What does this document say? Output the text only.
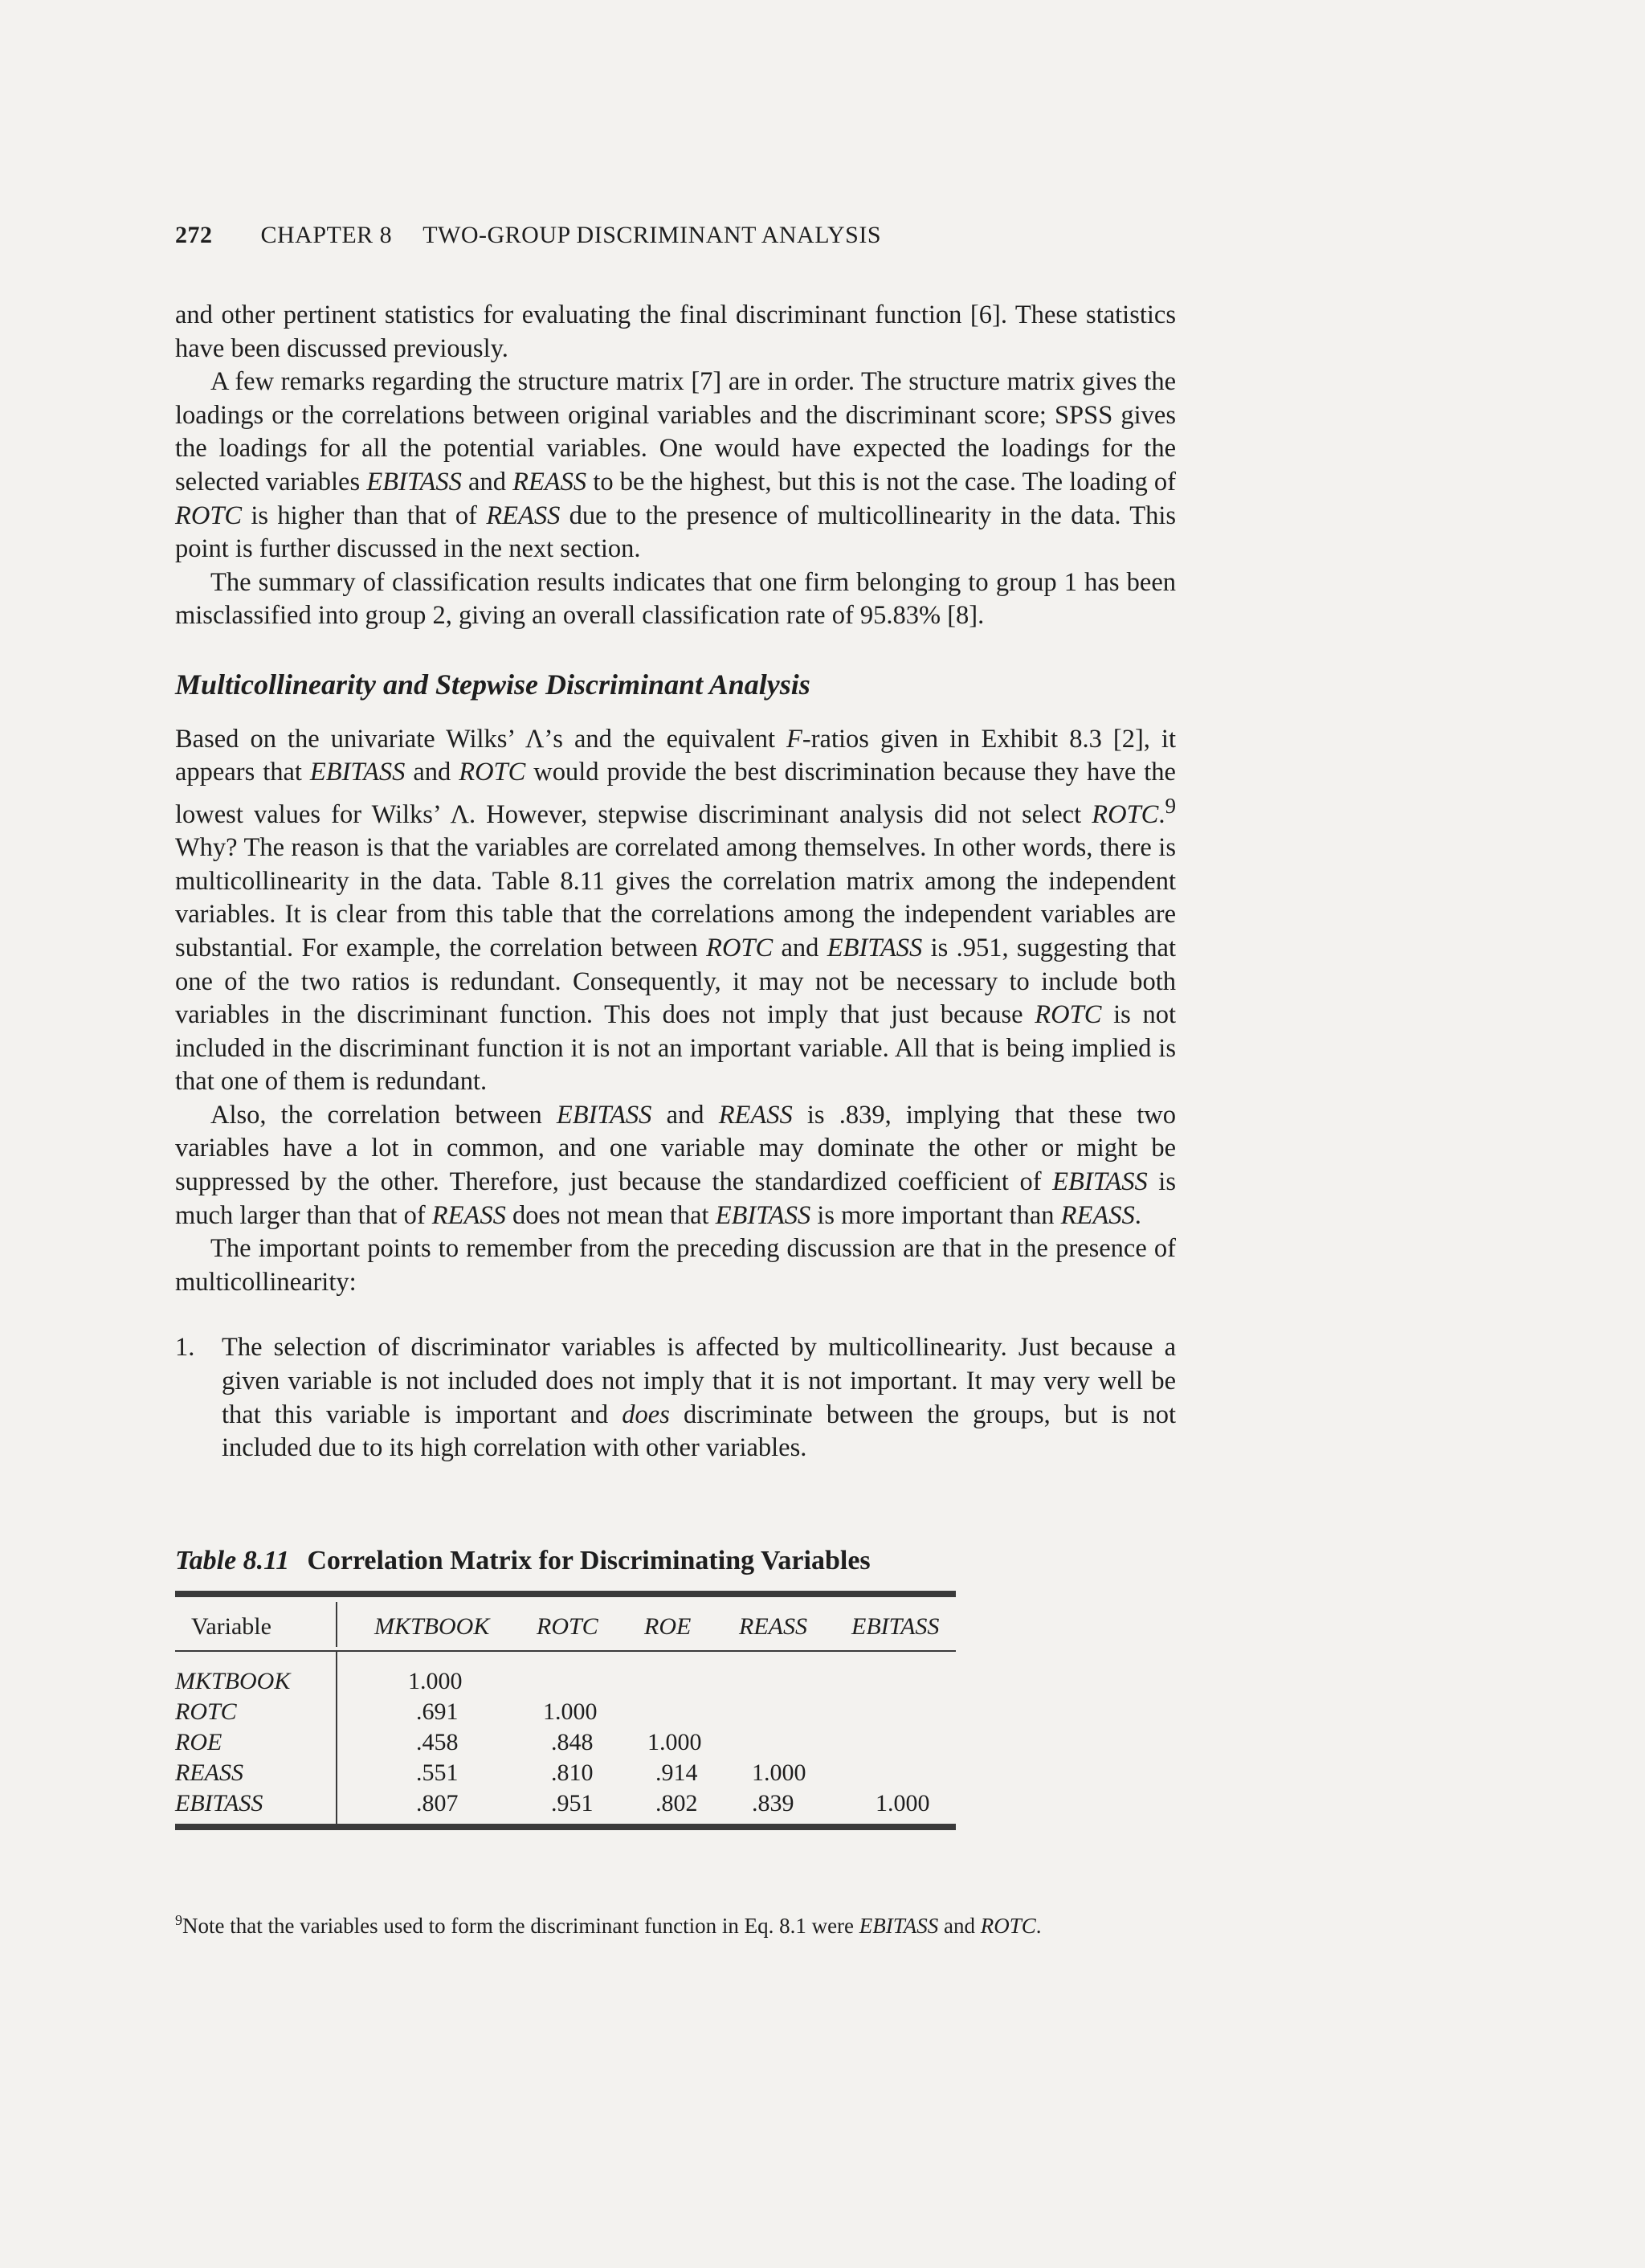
272 CHAPTER 8 TWO-GROUP DISCRIMINANT ANALYSIS

and other pertinent statistics for evaluating the final discriminant function [6]. These statistics have been discussed previously.

A few remarks regarding the structure matrix [7] are in order. The structure matrix gives the loadings or the correlations between original variables and the discriminant score; SPSS gives the loadings for all the potential variables. One would have expected the loadings for the selected variables EBITASS and REASS to be the highest, but this is not the case. The loading of ROTC is higher than that of REASS due to the presence of multicollinearity in the data. This point is further discussed in the next section.

The summary of classification results indicates that one firm belonging to group 1 has been misclassified into group 2, giving an overall classification rate of 95.83% [8].

Multicollinearity and Stepwise Discriminant Analysis

Based on the univariate Wilks’ Λ’s and the equivalent F-ratios given in Exhibit 8.3 [2], it appears that EBITASS and ROTC would provide the best discrimination because they have the lowest values for Wilks’ Λ. However, stepwise discriminant analysis did not select ROTC.$^9$ Why? The reason is that the variables are correlated among themselves. In other words, there is multicollinearity in the data. Table 8.11 gives the correlation matrix among the independent variables. It is clear from this table that the correlations among the independent variables are substantial. For example, the correlation between ROTC and EBITASS is .951, suggesting that one of the two ratios is redundant. Consequently, it may not be necessary to include both variables in the discriminant function. This does not imply that just because ROTC is not included in the discriminant function it is not an important variable. All that is being implied is that one of them is redundant.

Also, the correlation between EBITASS and REASS is .839, implying that these two variables have a lot in common, and one variable may dominate the other or might be suppressed by the other. Therefore, just because the standardized coefficient of EBITASS is much larger than that of REASS does not mean that EBITASS is more important than REASS.

The important points to remember from the preceding discussion are that in the presence of multicollinearity:

1.	The selection of discriminator variables is affected by multicollinearity. Just because a given variable is not included does not imply that it is not important. It may very well be that this variable is important and does discriminate between the groups, but is not included due to its high correlation with other variables.
Table 8.11 Correlation Matrix for Discriminating Variables
Variable	MKTBOOK ROTC ROE REASS EBITASS
MKTBOOK	1.000
ROTC	.691	1.000
ROE	.458	.848 1.000
REASS	.551	.810	.914 1.000
EBITASS	.807	.951	.802 .839	1.000
$^9$Note that the variables used to form the discriminant function in Eq. 8.1 were EBITASS and ROTC.
